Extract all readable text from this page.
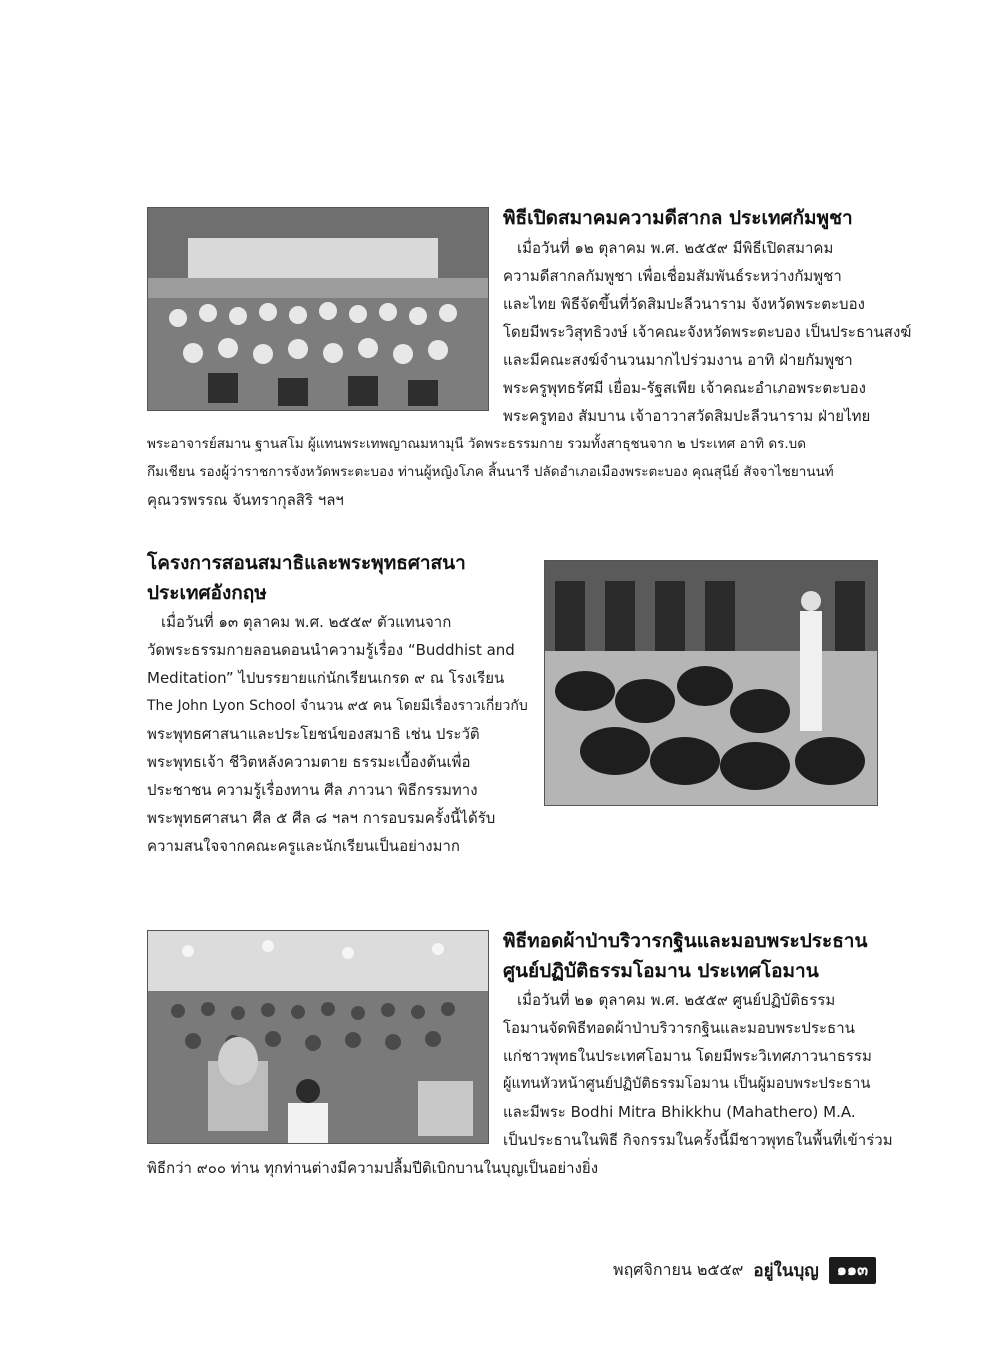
พิธีเปิดสมาคมความดีสากล ประเทศกัมพูชา
เมื่อวันที่ ๑๒ ตุลาคม พ.ศ. ๒๕๕๙ มีพิธีเปิดสมาคม
ความดีสากลกัมพูชา เพื่อเชื่อมสัมพันธ์ระหว่างกัมพูชา
และไทย พิธีจัดขึ้นที่วัดสิมปะลีวนาราม จังหวัดพระตะบอง
โดยมีพระวิสุทธิวงษ์ เจ้าคณะจังหวัดพระตะบอง เป็นประธานสงฆ์
และมีคณะสงฆ์จำนวนมากไปร่วมงาน อาทิ ฝ่ายกัมพูชา
พระครูพุทธรัศมี เยื่อม-รัฐสเพีย เจ้าคณะอำเภอพระตะบอง
พระครูทอง สัมบาน เจ้าอาวาสวัดสิมปะลีวนาราม ฝ่ายไทย
พระอาจารย์สมาน ฐานสโม ผู้แทนพระเทพญาณมหามุนี วัดพระธรรมกาย รวมทั้งสาธุชนจาก ๒ ประเทศ อาทิ ดร.บด
กึมเชียน รองผู้ว่าราชการจังหวัดพระตะบอง ท่านผู้หญิงโภค สิ้นนารี ปลัดอำเภอเมืองพระตะบอง คุณสุนีย์ สัจจาไชยานนท์
คุณวรพรรณ จันทรากุลสิริ ฯลฯ
โครงการสอนสมาธิและพระพุทธศาสนา
ประเทศอังกฤษ
เมื่อวันที่ ๑๓ ตุลาคม พ.ศ. ๒๕๕๙ ตัวแทนจาก
วัดพระธรรมกายลอนดอนนำความรู้เรื่อง “Buddhist and
Meditation” ไปบรรยายแก่นักเรียนเกรด ๙ ณ โรงเรียน
The John Lyon School จำนวน ๙๕ คน โดยมีเรื่องราวเกี่ยวกับ
พระพุทธศาสนาและประโยชน์ของสมาธิ เช่น ประวัติ
พระพุทธเจ้า ชีวิตหลังความตาย ธรรมะเบื้องต้นเพื่อ
ประชาชน ความรู้เรื่องทาน ศีล ภาวนา พิธีกรรมทาง
พระพุทธศาสนา ศีล ๕ ศีล ๘ ฯลฯ การอบรมครั้งนี้ได้รับ
ความสนใจจากคณะครูและนักเรียนเป็นอย่างมาก
พิธีทอดผ้าป่าบริวารกฐินและมอบพระประธาน
ศูนย์ปฏิบัติธรรมโอมาน ประเทศโอมาน
เมื่อวันที่ ๒๑ ตุลาคม พ.ศ. ๒๕๕๙ ศูนย์ปฏิบัติธรรม
โอมานจัดพิธีทอดผ้าป่าบริวารกฐินและมอบพระประธาน
แก่ชาวพุทธในประเทศโอมาน โดยมีพระวิเทศภาวนาธรรม
ผู้แทนหัวหน้าศูนย์ปฏิบัติธรรมโอมาน เป็นผู้มอบพระประธาน
และมีพระ Bodhi Mitra Bhikkhu (Mahathero) M.A.
เป็นประธานในพิธี กิจกรรมในครั้งนี้มีชาวพุทธในพื้นที่เข้าร่วม
พิธีกว่า ๙๐๐ ท่าน ทุกท่านต่างมีความปลื้มปีติเบิกบานในบุญเป็นอย่างยิ่ง
พฤศจิกายน ๒๕๕๙ อยู่ในบุญ	๑๑๓
